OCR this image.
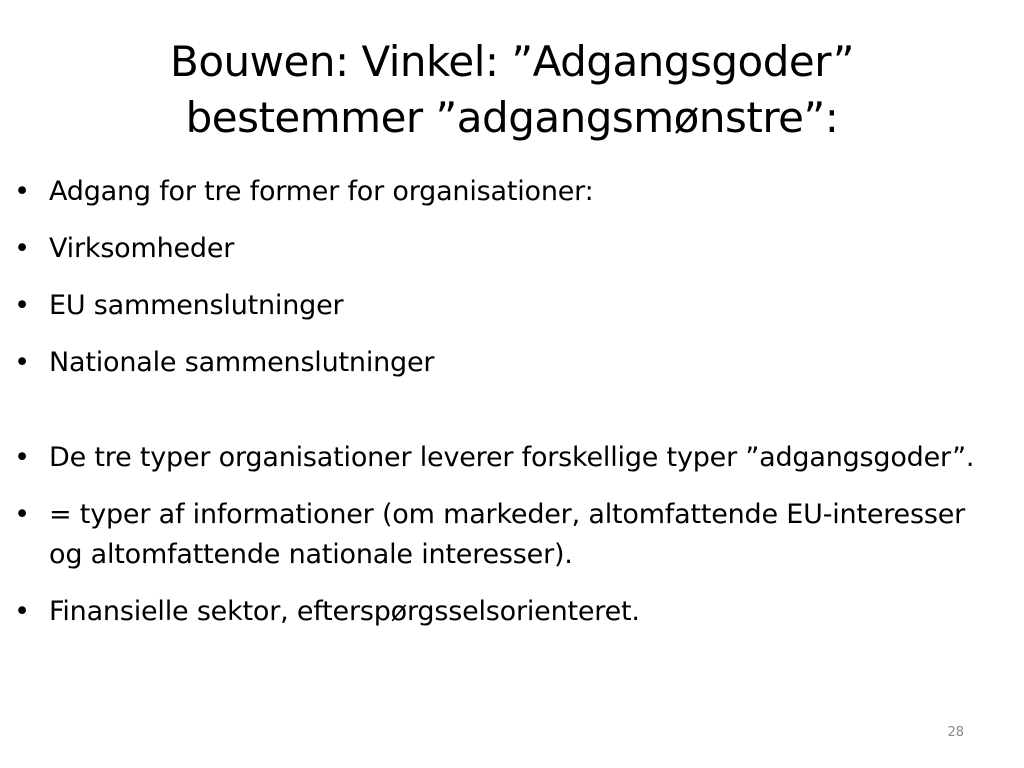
Bouwen: Vinkel: ”Adgangsgoder”
bestemmer ”adgangsmønstre”:
• Adgang for tre former for organisationer:
• Virksomheder
• EU sammenslutninger
• Nationale sammenslutninger
• De tre typer organisationer leverer forskellige typer ”adgangsgoder”.
• = typer af informationer (om markeder, altomfattende EU-interesser og altomfattende nationale interesser).
• Finansielle sektor, efterspørgsselsorienteret.
28
